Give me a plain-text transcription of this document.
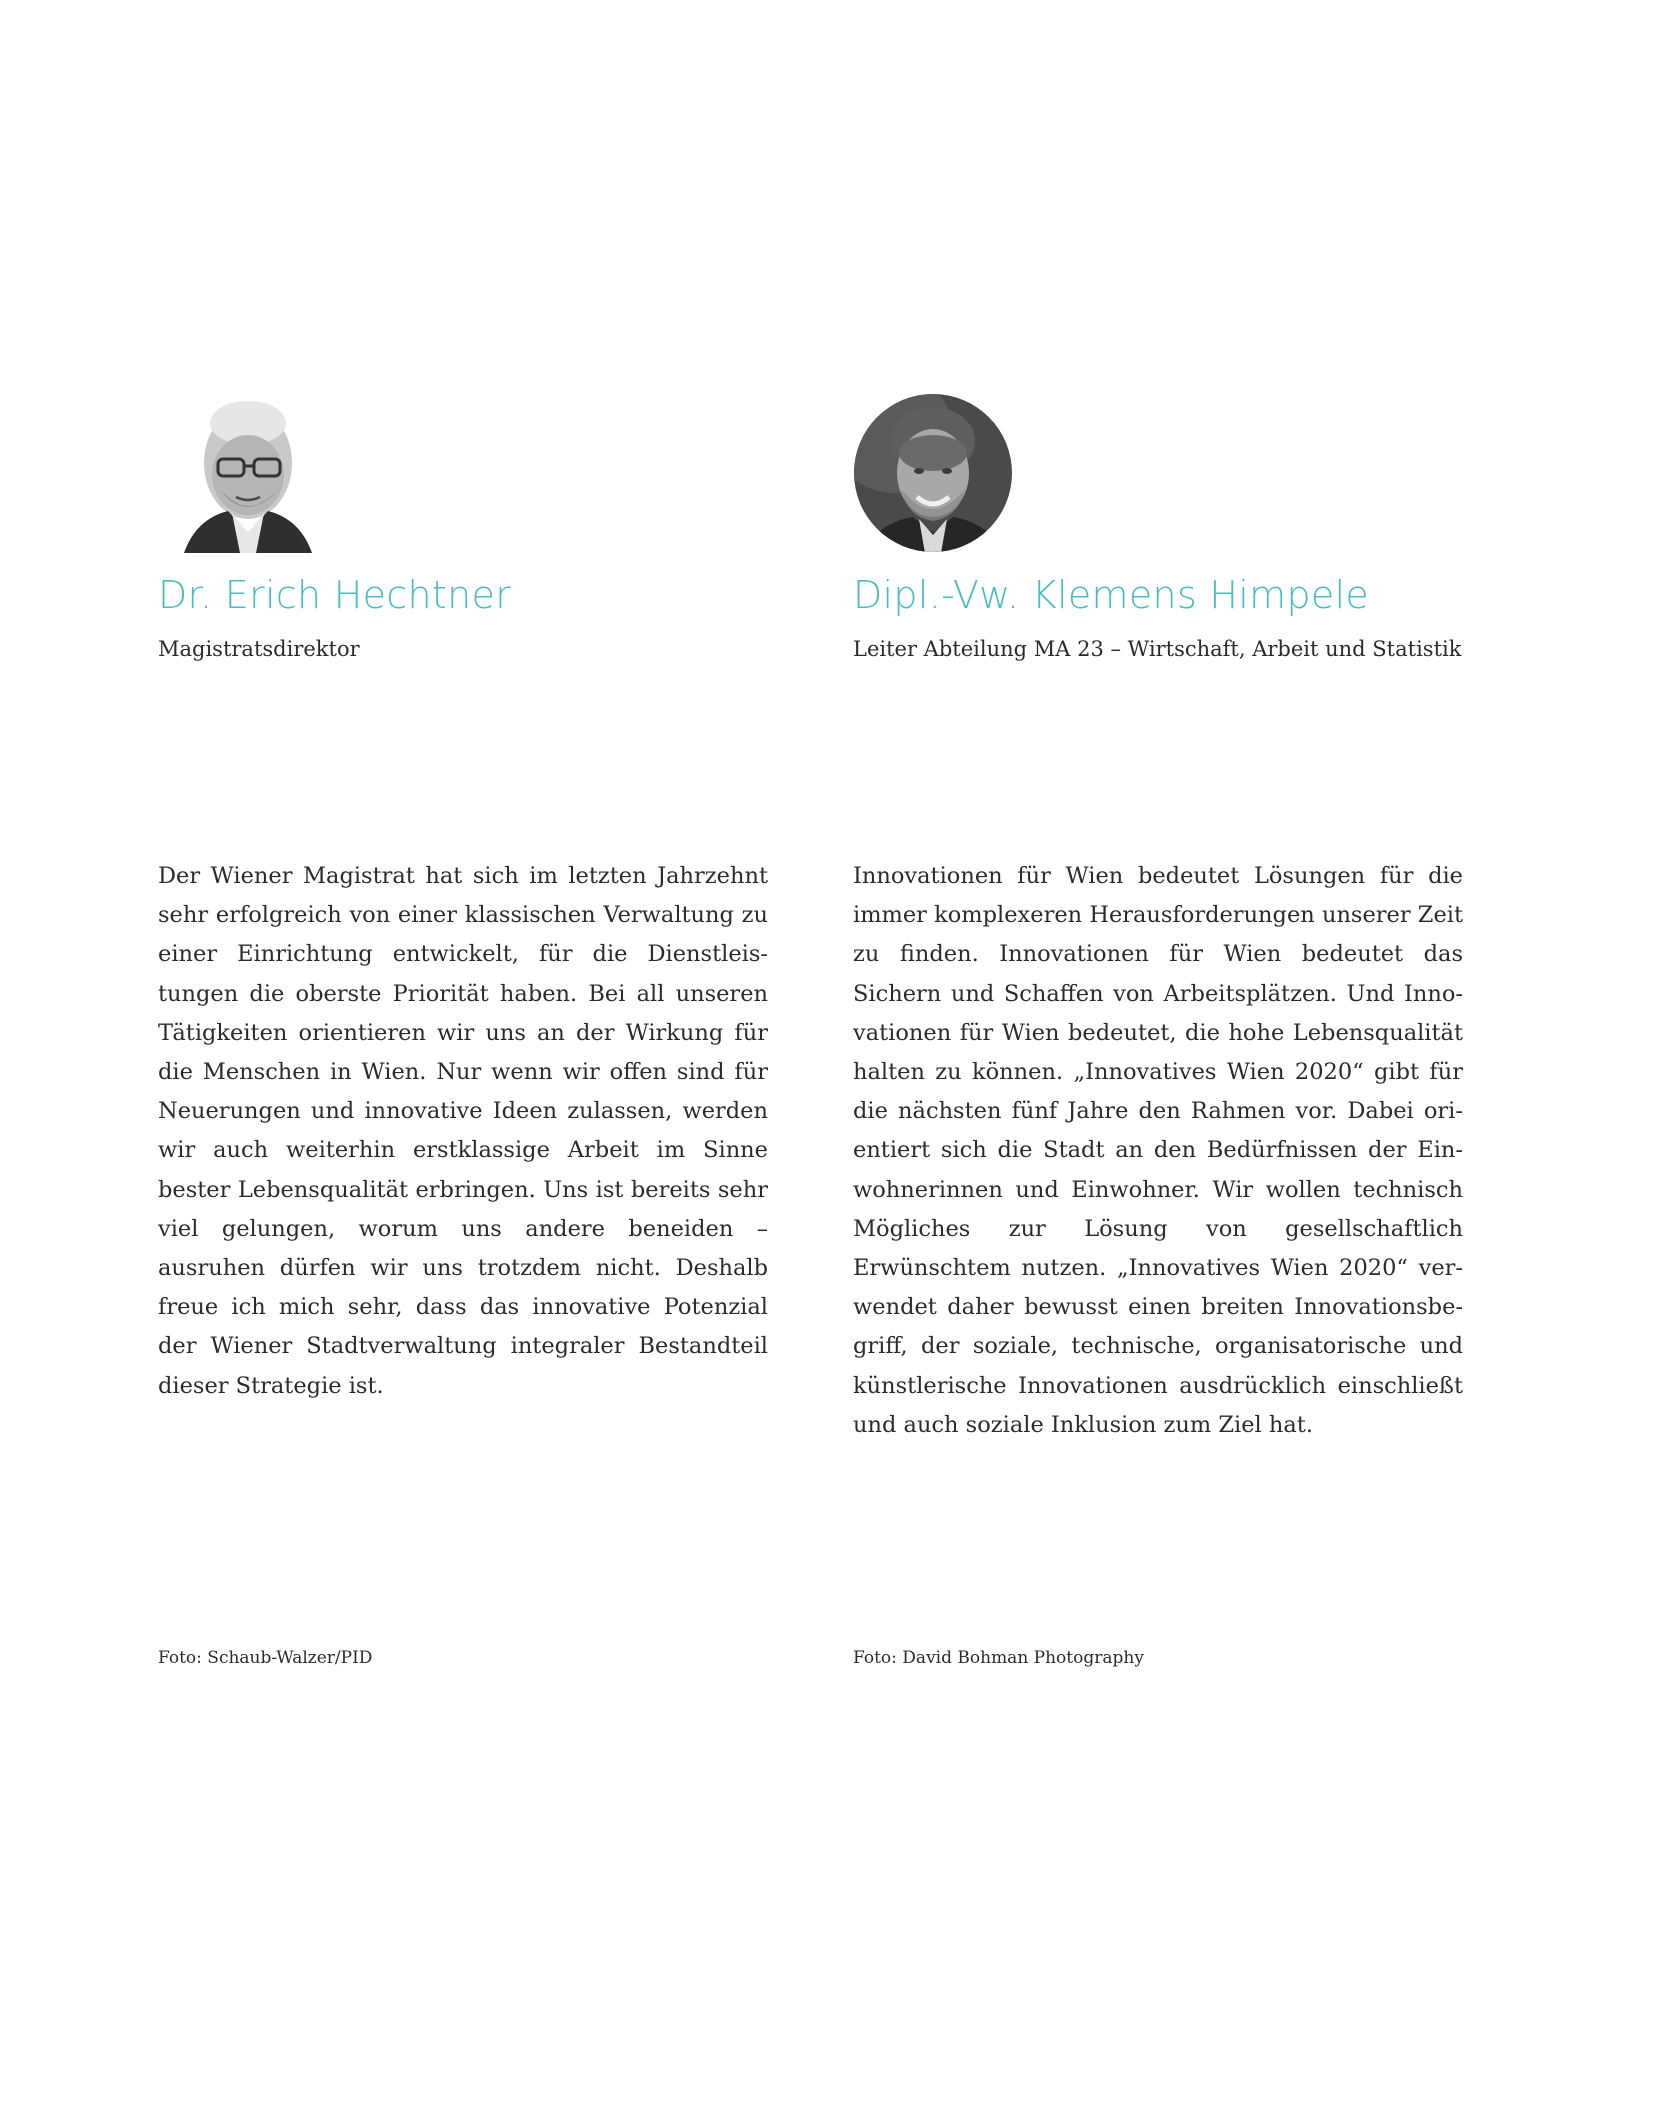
Dr. Erich Hechtner

Magistratsdirektor

Der Wiener Magistrat hat sich im letzten Jahrzehnt sehr erfolgreich von einer klassischen Verwaltung zu einer Einrichtung entwickelt, für die Dienstleistungen die oberste Priorität haben. Bei all unseren Tätigkeiten orientieren wir uns an der Wirkung für die Menschen in Wien. Nur wenn wir offen sind für Neuerungen und innovative Ideen zulassen, werden wir auch weiterhin erstklassige Arbeit im Sinne bester Lebensqualität erbringen. Uns ist bereits sehr viel gelungen, worum uns andere beneiden – ausruhen dürfen wir uns trotzdem nicht. Deshalb freue ich mich sehr, dass das innovative Potenzial der Wiener Stadtverwaltung integraler Bestandteil dieser Strategie ist.

Foto: Schaub-Walzer/PID

Dipl.-Vw. Klemens Himpele

Leiter Abteilung MA 23 – Wirtschaft, Arbeit und Statistik

Innovationen für Wien bedeutet Lösungen für die immer komplexeren Herausforderungen unserer Zeit zu finden. Innovationen für Wien bedeutet das Sichern und Schaffen von Arbeitsplätzen. Und Innovationen für Wien bedeutet, die hohe Lebensqualität halten zu können. „Innovatives Wien 2020“ gibt für die nächsten fünf Jahre den Rahmen vor. Dabei orientiert sich die Stadt an den Bedürfnissen der Einwohnerinnen und Einwohner. Wir wollen technisch Mögliches zur Lösung von gesellschaftlich Erwünschtem nutzen. „Innovatives Wien 2020“ verwendet daher bewusst einen breiten Innovationsbegriff, der soziale, technische, organisatorische und künstlerische Innovationen ausdrücklich einschließt und auch soziale Inklusion zum Ziel hat.

Foto: David Bohman Photography
